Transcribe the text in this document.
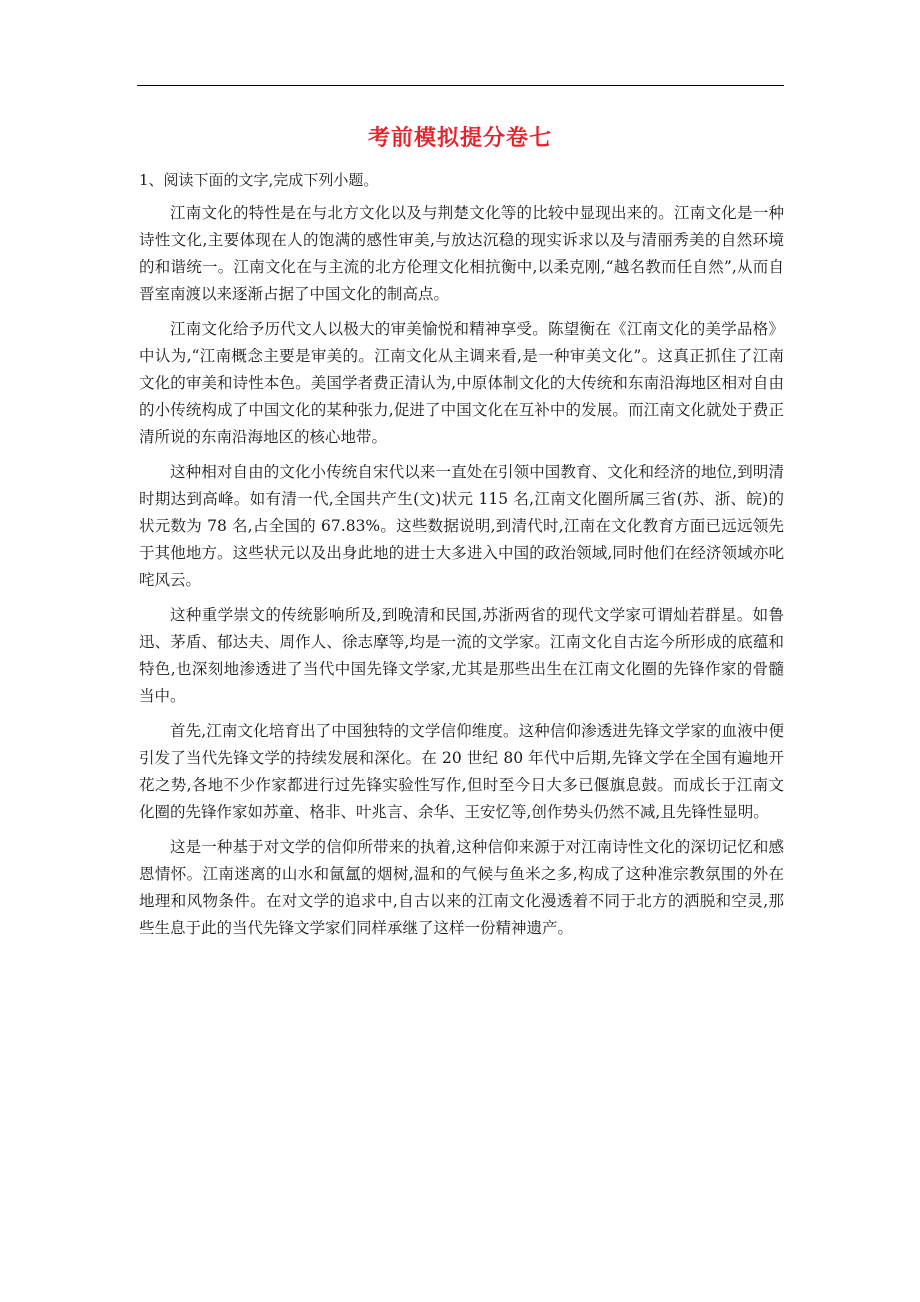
考前模拟提分卷七

1、阅读下面的文字,完成下列小题。

江南文化的特性是在与北方文化以及与荆楚文化等的比较中显现出来的。江南文化是一种诗性文化,主要体现在人的饱满的感性审美,与放达沉稳的现实诉求以及与清丽秀美的自然环境的和谐统一。江南文化在与主流的北方伦理文化相抗衡中,以柔克刚,“越名教而任自然”,从而自晋室南渡以来逐渐占据了中国文化的制高点。

江南文化给予历代文人以极大的审美愉悦和精神享受。陈望衡在《江南文化的美学品格》中认为,“江南概念主要是审美的。江南文化从主调来看,是一种审美文化”。这真正抓住了江南文化的审美和诗性本色。美国学者费正清认为,中原体制文化的大传统和东南沿海地区相对自由的小传统构成了中国文化的某种张力,促进了中国文化在互补中的发展。而江南文化就处于费正清所说的东南沿海地区的核心地带。

这种相对自由的文化小传统自宋代以来一直处在引领中国教育、文化和经济的地位,到明清时期达到高峰。如有清一代,全国共产生(文)状元 115 名,江南文化圈所属三省(苏、浙、皖)的状元数为 78 名,占全国的 67.83%。这些数据说明,到清代时,江南在文化教育方面已远远领先于其他地方。这些状元以及出身此地的进士大多进入中国的政治领域,同时他们在经济领域亦叱咤风云。

这种重学崇文的传统影响所及,到晚清和民国,苏浙两省的现代文学家可谓灿若群星。如鲁迅、茅盾、郁达夫、周作人、徐志摩等,均是一流的文学家。江南文化自古迄今所形成的底蕴和特色,也深刻地渗透进了当代中国先锋文学家,尤其是那些出生在江南文化圈的先锋作家的骨髓当中。

首先,江南文化培育出了中国独特的文学信仰维度。这种信仰渗透进先锋文学家的血液中便引发了当代先锋文学的持续发展和深化。在 20 世纪 80 年代中后期,先锋文学在全国有遍地开花之势,各地不少作家都进行过先锋实验性写作,但时至今日大多已偃旗息鼓。而成长于江南文化圈的先锋作家如苏童、格非、叶兆言、余华、王安忆等,创作势头仍然不减,且先锋性显明。

这是一种基于对文学的信仰所带来的执着,这种信仰来源于对江南诗性文化的深切记忆和感恩情怀。江南迷离的山水和氤氲的烟树,温和的气候与鱼米之多,构成了这种准宗教氛围的外在地理和风物条件。在对文学的追求中,自古以来的江南文化漫透着不同于北方的洒脱和空灵,那些生息于此的当代先锋文学家们同样承继了这样一份精神遗产。
